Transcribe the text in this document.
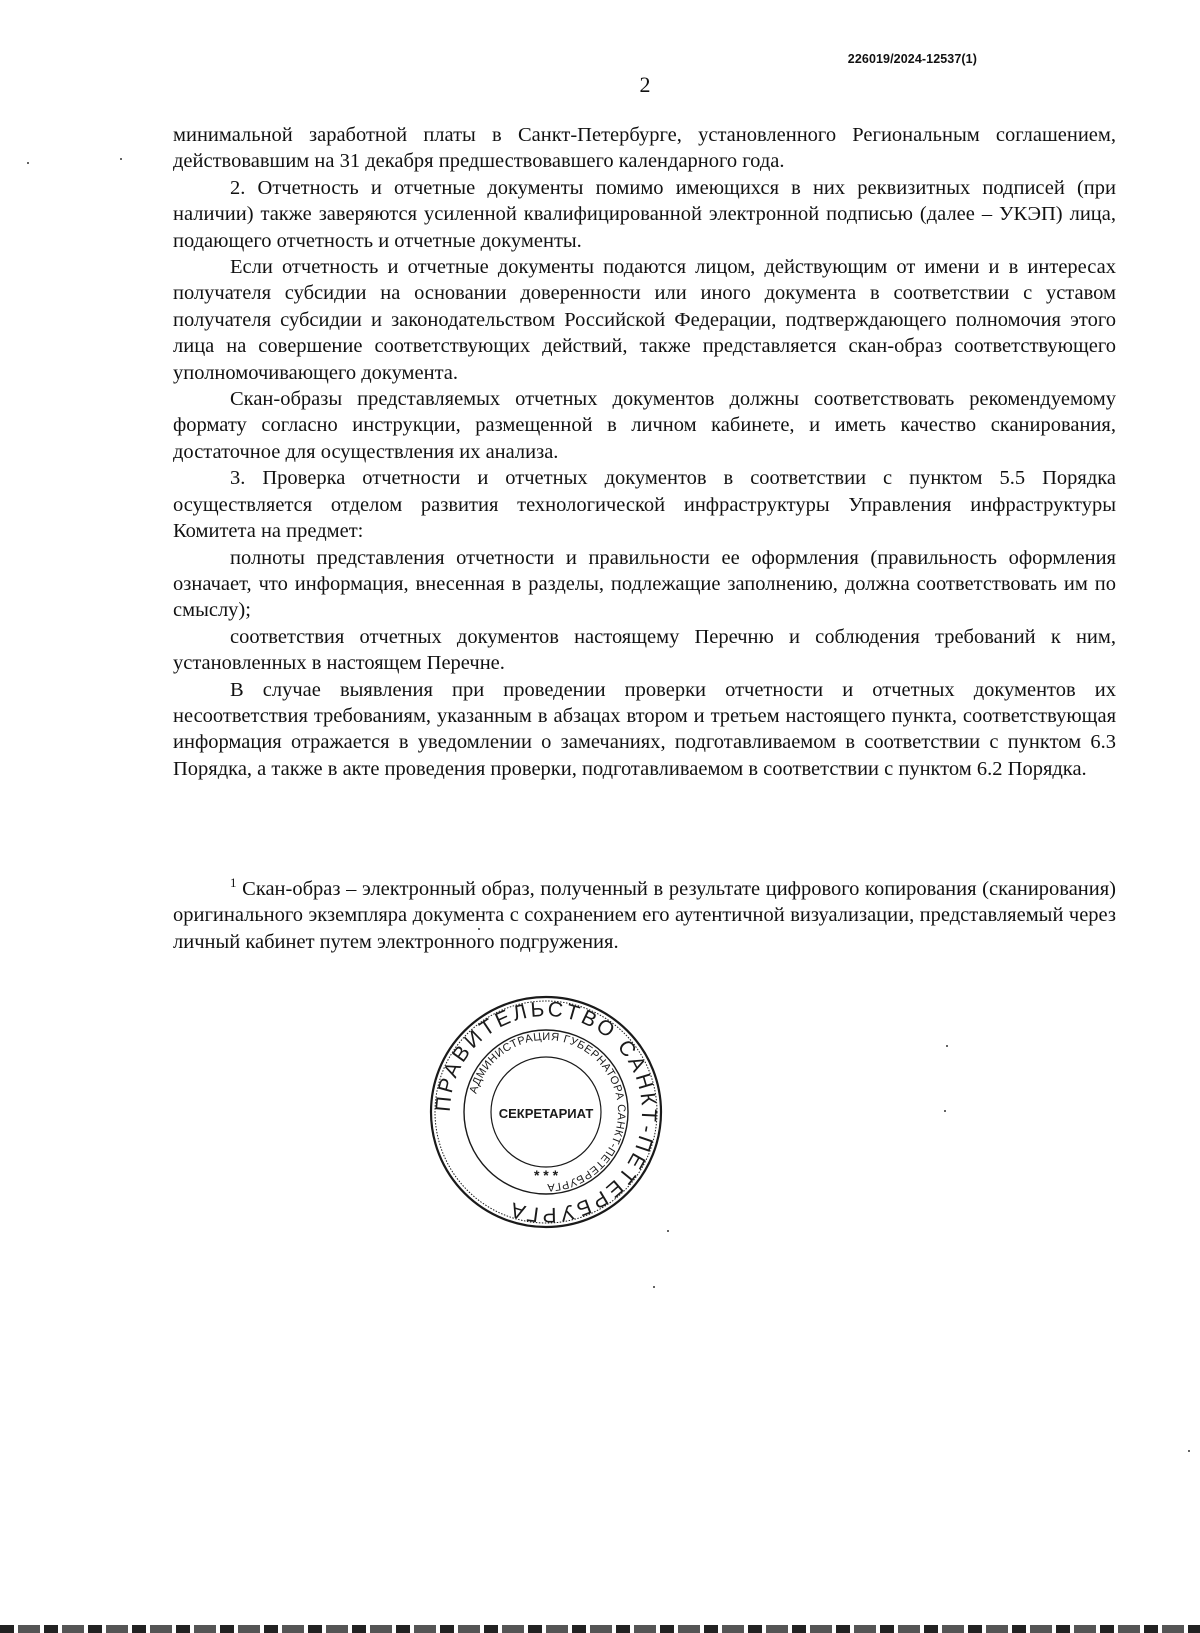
226019/2024-12537(1)
2

минимальной заработной платы в Санкт-Петербурге, установленного Региональным соглашением, действовавшим на 31 декабря предшествовавшего календарного года.

2. Отчетность и отчетные документы помимо имеющихся в них реквизитных подписей (при наличии) также заверяются усиленной квалифицированной электронной подписью (далее – УКЭП) лица, подающего отчетность и отчетные документы.

Если отчетность и отчетные документы подаются лицом, действующим от имени и в интересах получателя субсидии на основании доверенности или иного документа в соответствии с уставом получателя субсидии и законодательством Российской Федерации, подтверждающего полномочия этого лица на совершение соответствующих действий, также представляется скан-образ соответствующего уполномочивающего документа.

Скан-образы представляемых отчетных документов должны соответствовать рекомендуемому формату согласно инструкции, размещенной в личном кабинете, и иметь качество сканирования, достаточное для осуществления их анализа.

3. Проверка отчетности и отчетных документов в соответствии с пунктом 5.5 Порядка осуществляется отделом развития технологической инфраструктуры Управления инфраструктуры Комитета на предмет:

полноты представления отчетности и правильности ее оформления (правильность оформления означает, что информация, внесенная в разделы, подлежащие заполнению, должна соответствовать им по смыслу);

соответствия отчетных документов настоящему Перечню и соблюдения требований к ним, установленных в настоящем Перечне.

В случае выявления при проведении проверки отчетности и отчетных документов их несоответствия требованиям, указанным в абзацах втором и третьем настоящего пункта, соответствующая информация отражается в уведомлении о замечаниях, подготавливаемом в соответствии с пунктом 6.3 Порядка, а также в акте проведения проверки, подготавливаемом в соответствии с пунктом 6.2 Порядка.

$^1$ Скан-образ – электронный образ, полученный в результате цифрового копирования (сканирования) оригинального экземпляра документа с сохранением его аутентичной визуализации, представляемый через личный кабинет путем электронного подгружения.

ПРАВИТЕЛЬСТВО САНКТ-ПЕТЕРБУРГА
АДМИНИСТРАЦИЯ ГУБЕРНАТОРА САНКТ-ПЕТЕРБУРГА
СЕКРЕТАРИАТ
* * *
